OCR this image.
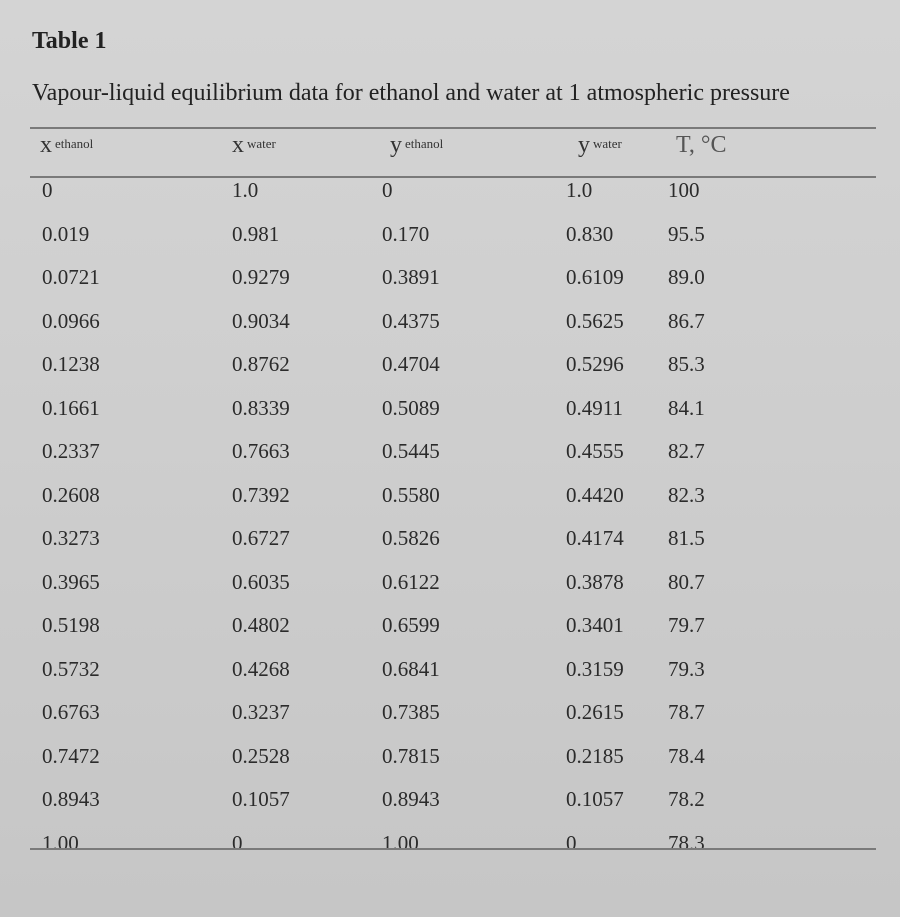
Table 1
Vapour-liquid equilibrium data for ethanol and water at 1 atmospheric pressure
x $_{ethanol}$	x $_{water}$	y $_{ethanol}$	y $_{water}$ T, °C
0	1.0	0	1.0	100
0.019	0.981	0.170	0.830	95.5
0.0721	0.9279	0.3891	0.6109 89.0
0.0966	0.9034	0.4375	0.5625 86.7
0.1238	0.8762	0.4704	0.5296 85.3
0.1661	0.8339	0.5089	0.4911 84.1
0.2337	0.7663	0.5445	0.4555 82.7
0.2608	0.7392	0.5580	0.4420 82.3
0.3273	0.6727	0.5826	0.4174 81.5
0.3965	0.6035	0.6122	0.3878 80.7
0.5198	0.4802	0.6599	0.3401 79.7
0.5732	0.4268	0.6841	0.3159 79.3
0.6763	0.3237	0.7385	0.2615 78.7
0.7472	0.2528	0.7815	0.2185 78.4
0.8943	0.1057	0.8943	0.1057 78.2
1.00	0	1.00	0	78.3
